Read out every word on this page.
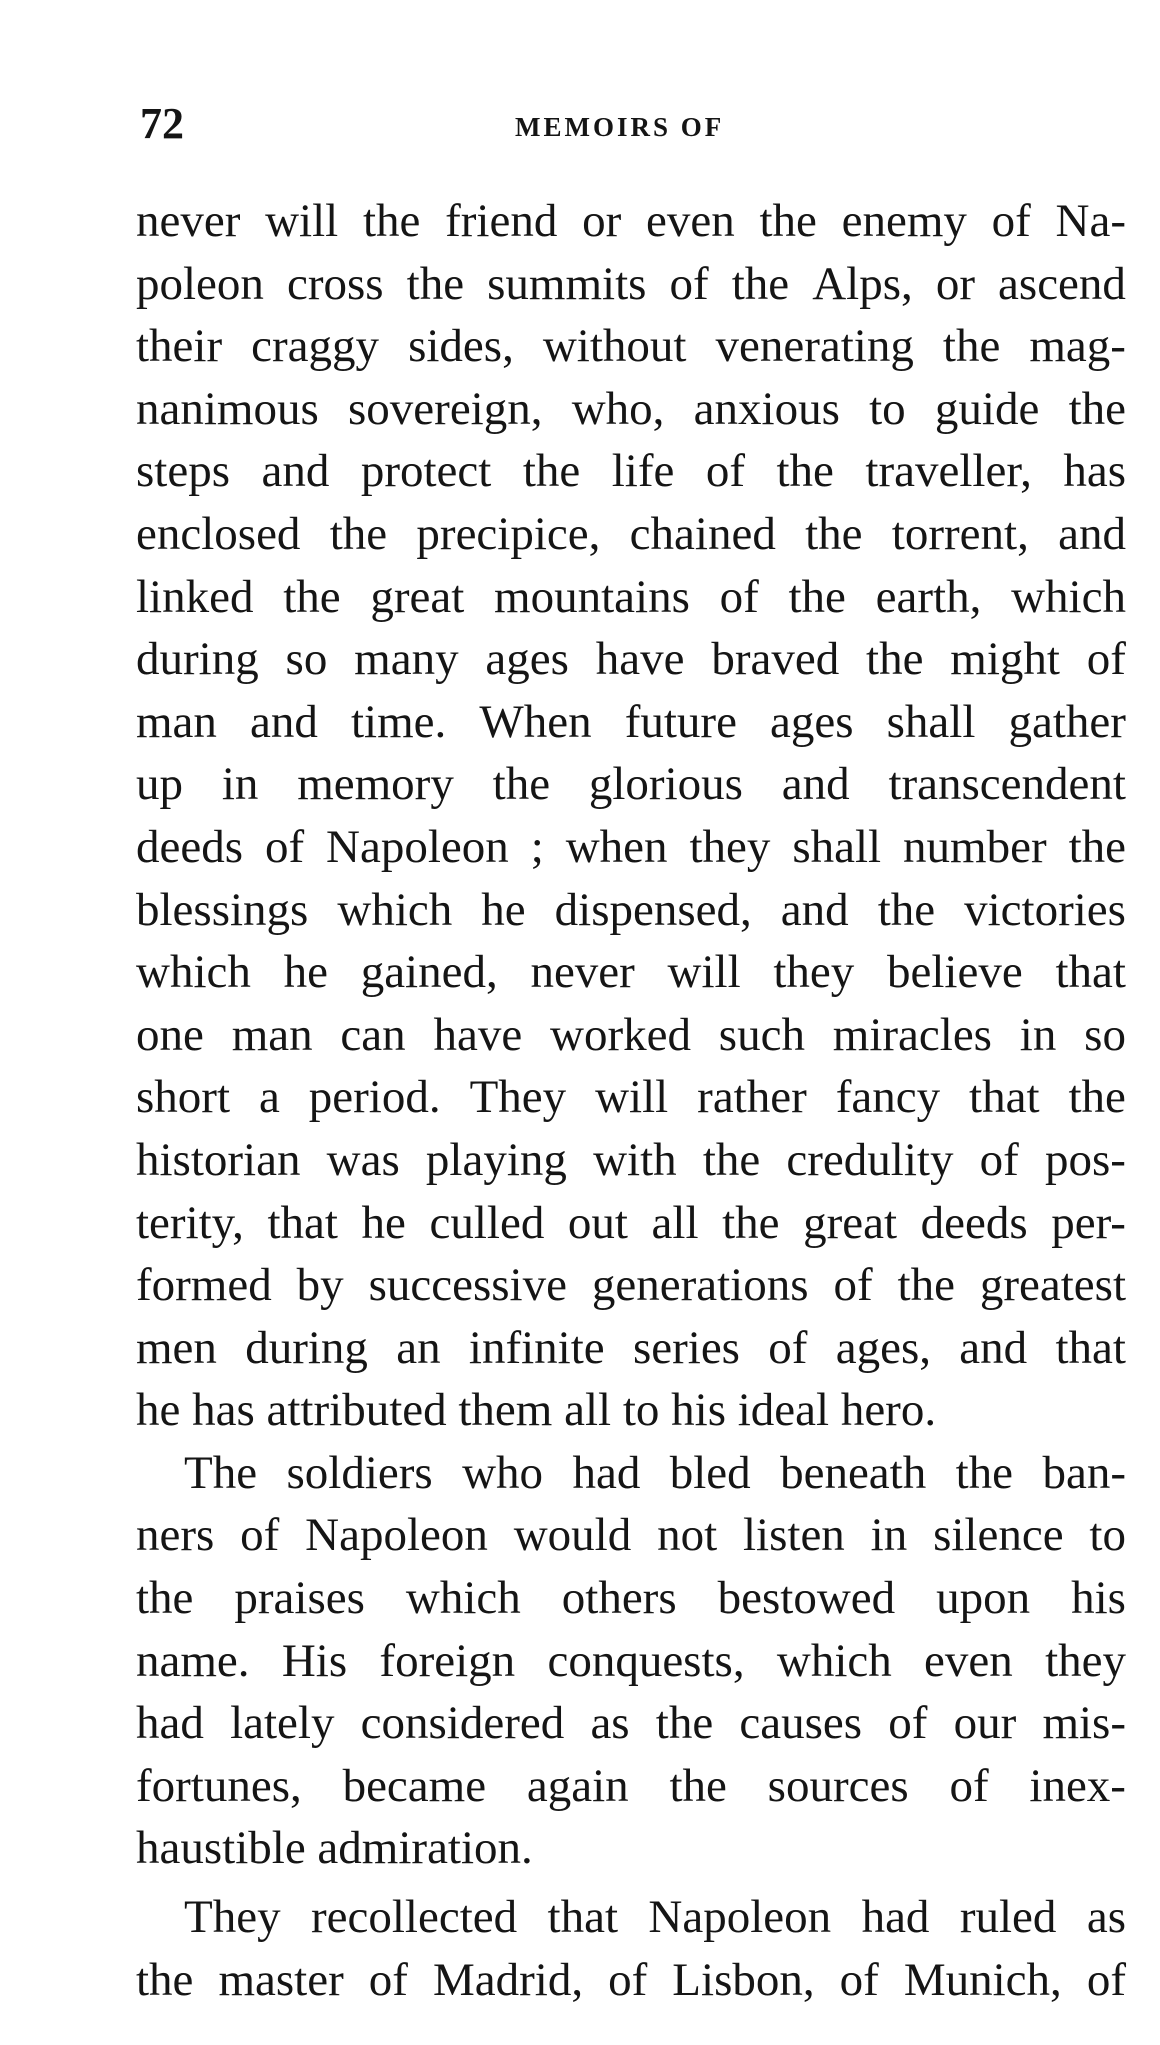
72	MEMOIRS OF
never will the friend or even the enemy of Na-
poleon cross the summits of the Alps, or ascend
their craggy sides, without venerating the mag-
nanimous sovereign, who, anxious to guide the
steps and protect the life of the traveller, has
enclosed the precipice, chained the torrent, and
linked the great mountains of the earth, which
during so many ages have braved the might of
man and time. When future ages shall gather
up in memory the glorious and transcendent
deeds of Napoleon ; when they shall number the
blessings which he dispensed, and the victories
which he gained, never will they believe that
one man can have worked such miracles in so
short a period. They will rather fancy that the
historian was playing with the credulity of pos-
terity, that he culled out all the great deeds per-
formed by successive generations of the greatest
men during an infinite series of ages, and that
he has attributed them all to his ideal hero.
The soldiers who had bled beneath the ban-
ners of Napoleon would not listen in silence to
the praises which others bestowed upon his
name. His foreign conquests, which even they
had lately considered as the causes of our mis-
fortunes, became again the sources of inex-
haustible admiration.
They recollected that Napoleon had ruled as
the master of Madrid, of Lisbon, of Munich, of
